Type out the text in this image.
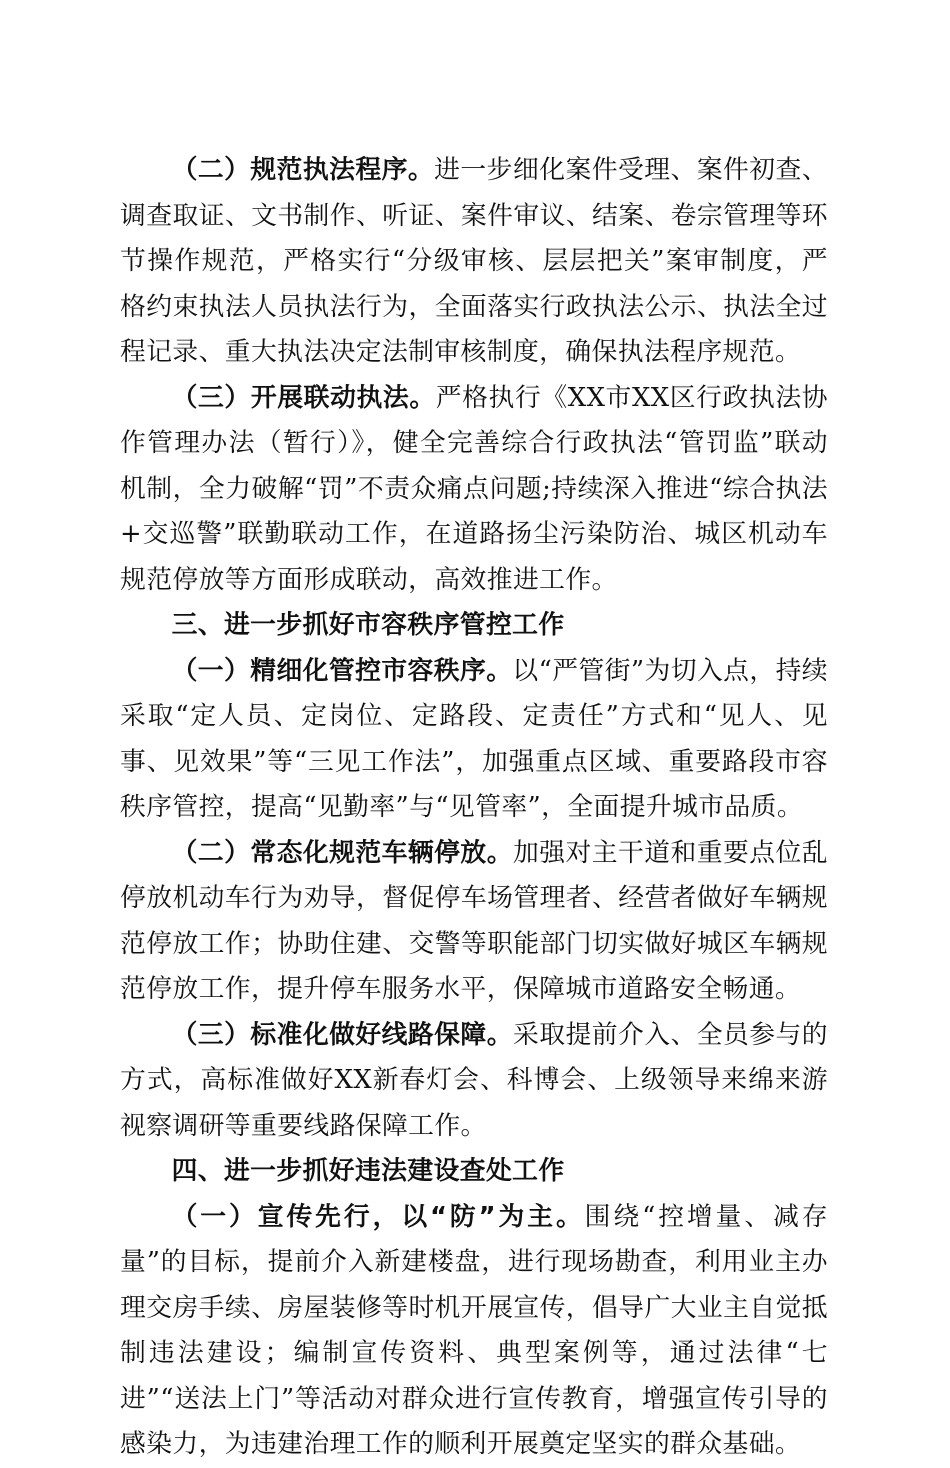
（二）规范执法程序。进一步细化案件受理、案件初查、调查取证、文书制作、听证、案件审议、结案、卷宗管理等环节操作规范，严格实行“分级审核、层层把关”案审制度，严格约束执法人员执法行为，全面落实行政执法公示、执法全过程记录、重大执法决定法制审核制度，确保执法程序规范。

（三）开展联动执法。严格执行《XX市XX区行政执法协作管理办法（暂行）》，健全完善综合行政执法“管罚监”联动机制，全力破解“罚”不责众痛点问题;持续深入推进“综合执法+交巡警”联勤联动工作，在道路扬尘污染防治、城区机动车规范停放等方面形成联动，高效推进工作。

三、进一步抓好市容秩序管控工作

（一）精细化管控市容秩序。以“严管街”为切入点，持续采取“定人员、定岗位、定路段、定责任”方式和“见人、见事、见效果”等“三见工作法”，加强重点区域、重要路段市容秩序管控，提高“见勤率”与“见管率”，全面提升城市品质。

（二）常态化规范车辆停放。加强对主干道和重要点位乱停放机动车行为劝导，督促停车场管理者、经营者做好车辆规范停放工作；协助住建、交警等职能部门切实做好城区车辆规范停放工作，提升停车服务水平，保障城市道路安全畅通。

（三）标准化做好线路保障。采取提前介入、全员参与的方式，高标准做好XX新春灯会、科博会、上级领导来绵来游视察调研等重要线路保障工作。

四、进一步抓好违法建设查处工作

（一）宣传先行，以“防”为主。围绕“控增量、减存量”的目标，提前介入新建楼盘，进行现场勘查，利用业主办理交房手续、房屋装修等时机开展宣传，倡导广大业主自觉抵制违法建设；编制宣传资料、典型案例等，通过法律“七进”“送法上门”等活动对群众进行宣传教育，增强宣传引导的感染力，为违建治理工作的顺利开展奠定坚实的群众基础。
